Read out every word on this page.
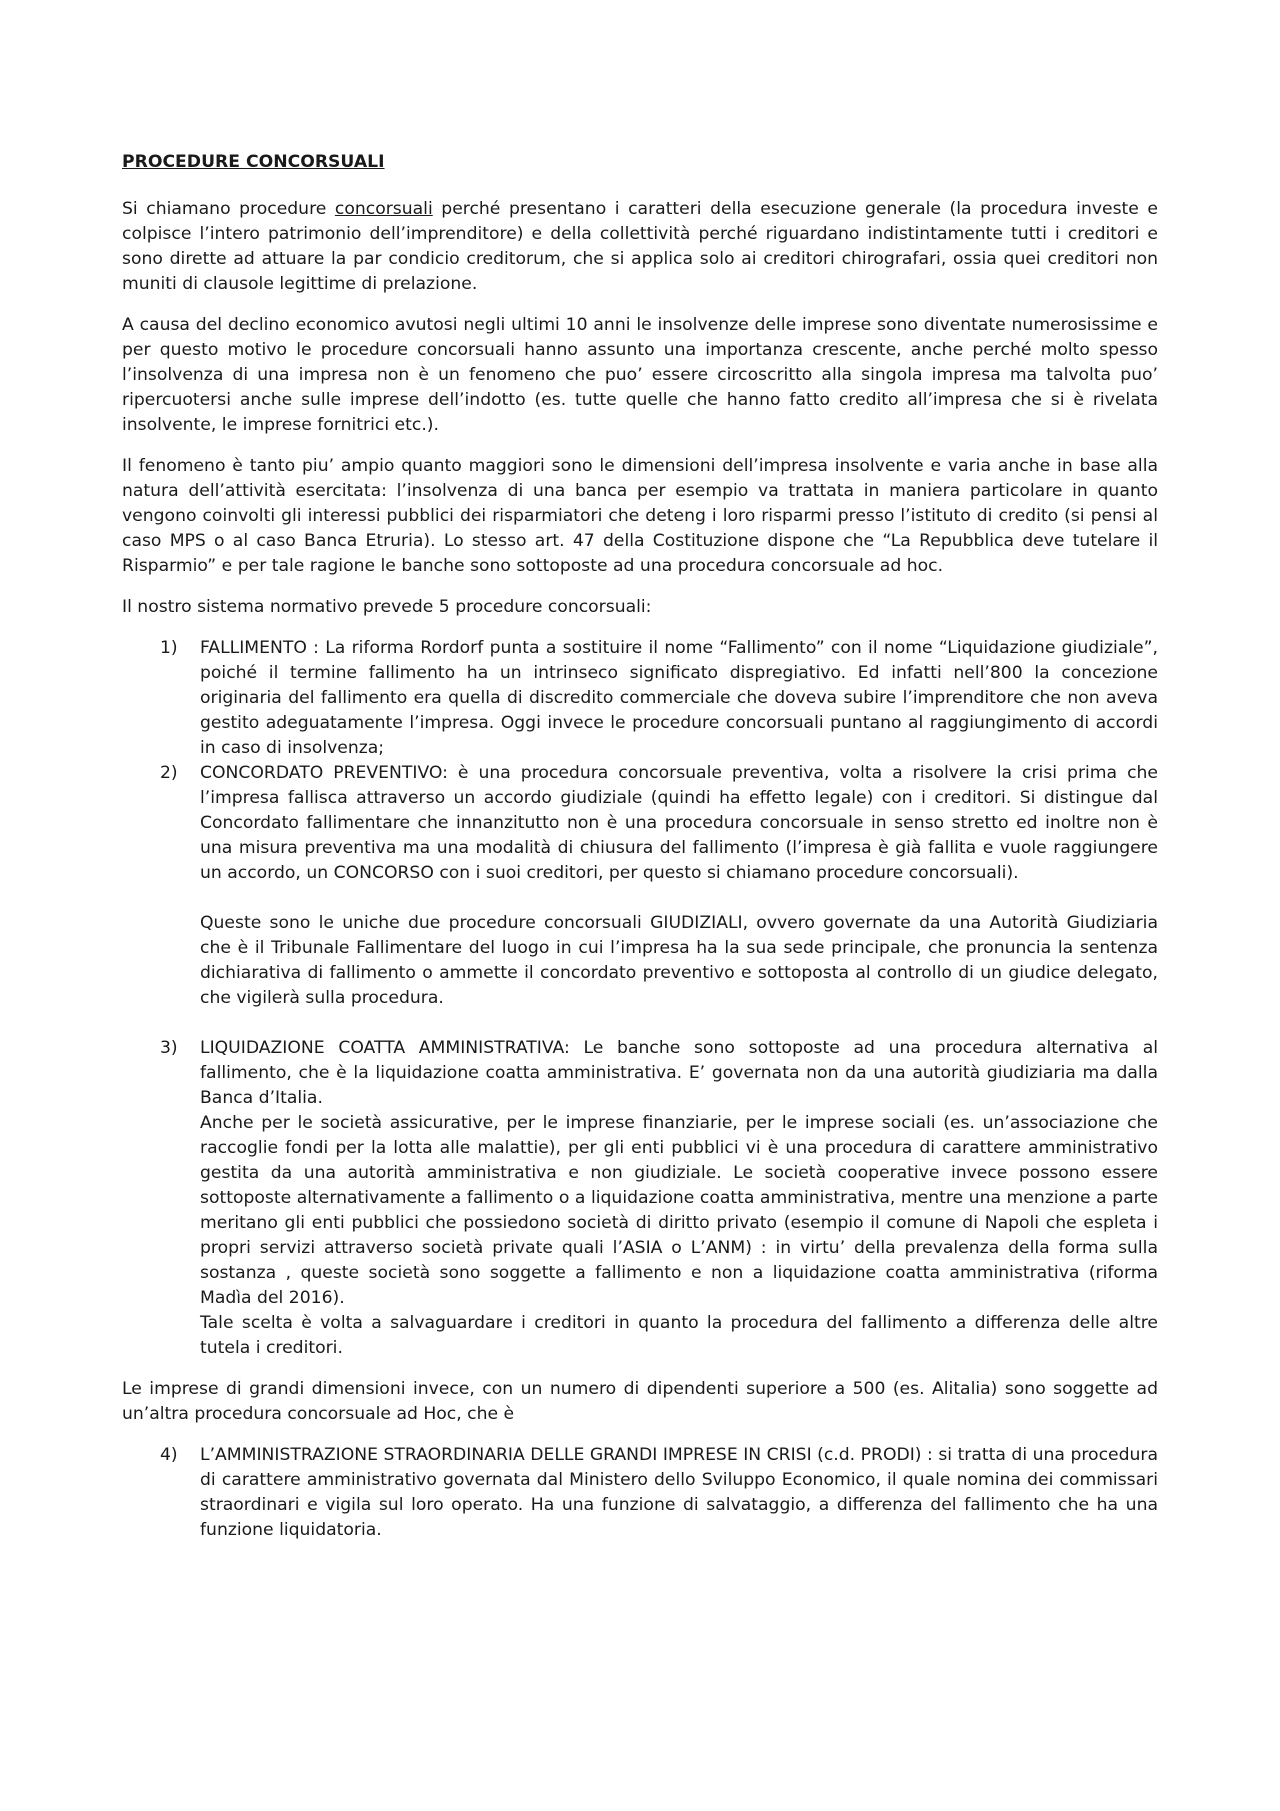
PROCEDURE CONCORSUALI

Si chiamano procedure concorsuali perché presentano i caratteri della esecuzione generale (la procedura investe e colpisce l’intero patrimonio dell’imprenditore) e della collettività perché riguardano indistintamente tutti i creditori e sono dirette ad attuare la par condicio creditorum, che si applica solo ai creditori chirografari, ossia quei creditori non muniti di clausole legittime di prelazione.

A causa del declino economico avutosi negli ultimi 10 anni le insolvenze delle imprese sono diventate numerosissime e per questo motivo le procedure concorsuali hanno assunto una importanza crescente, anche perché molto spesso l’insolvenza di una impresa non è un fenomeno che puo’ essere circoscritto alla singola impresa ma talvolta puo’ ripercuotersi anche sulle imprese dell’indotto (es. tutte quelle che hanno fatto credito all’impresa che si è rivelata insolvente, le imprese fornitrici etc.).

Il fenomeno è tanto piu’ ampio quanto maggiori sono le dimensioni dell’impresa insolvente e varia anche in base alla natura dell’attività esercitata: l’insolvenza di una banca per esempio va trattata in maniera particolare in quanto vengono coinvolti gli interessi pubblici dei risparmiatori che deteng i loro risparmi presso l’istituto di credito (si pensi al caso MPS o al caso Banca Etruria). Lo stesso art. 47 della Costituzione dispone che “La Repubblica deve tutelare il Risparmio” e per tale ragione le banche sono sottoposte ad una procedura concorsuale ad hoc.

Il nostro sistema normativo prevede 5 procedure concorsuali:

1) FALLIMENTO : La riforma Rordorf punta a sostituire il nome “Fallimento” con il nome “Liquidazione giudiziale”, poiché il termine fallimento ha un intrinseco significato dispregiativo. Ed infatti nell’800 la concezione originaria del fallimento era quella di discredito commerciale che doveva subire l’imprenditore che non aveva gestito adeguatamente l’impresa. Oggi invece le procedure concorsuali puntano al raggiungimento di accordi in caso di insolvenza;

2) CONCORDATO PREVENTIVO: è una procedura concorsuale preventiva, volta a risolvere la crisi prima che l’impresa fallisca attraverso un accordo giudiziale (quindi ha effetto legale) con i creditori. Si distingue dal Concordato fallimentare che innanzitutto non è una procedura concorsuale in senso stretto ed inoltre non è una misura preventiva ma una modalità di chiusura del fallimento (l’impresa è già fallita e vuole raggiungere un accordo, un CONCORSO con i suoi creditori, per questo si chiamano procedure concorsuali).

Queste sono le uniche due procedure concorsuali GIUDIZIALI, ovvero governate da una Autorità Giudiziaria che è il Tribunale Fallimentare del luogo in cui l’impresa ha la sua sede principale, che pronuncia la sentenza dichiarativa di fallimento o ammette il concordato preventivo e sottoposta al controllo di un giudice delegato, che vigilerà sulla procedura.

3) LIQUIDAZIONE COATTA AMMINISTRATIVA: Le banche sono sottoposte ad una procedura alternativa al fallimento, che è la liquidazione coatta amministrativa. E’ governata non da una autorità giudiziaria ma dalla Banca d’Italia.

Anche per le società assicurative, per le imprese finanziarie, per le imprese sociali (es. un’associazione che raccoglie fondi per la lotta alle malattie), per gli enti pubblici vi è una procedura di carattere amministrativo gestita da una autorità amministrativa e non giudiziale. Le società cooperative invece possono essere sottoposte alternativamente a fallimento o a liquidazione coatta amministrativa, mentre una menzione a parte meritano gli enti pubblici che possiedono società di diritto privato (esempio il comune di Napoli che espleta i propri servizi attraverso società private quali l’ASIA o L’ANM) : in virtu’ della prevalenza della forma sulla sostanza , queste società sono soggette a fallimento e non a liquidazione coatta amministrativa (riforma Madìa del 2016).

Tale scelta è volta a salvaguardare i creditori in quanto la procedura del fallimento a differenza delle altre tutela i creditori.

Le imprese di grandi dimensioni invece, con un numero di dipendenti superiore a 500 (es. Alitalia) sono soggette ad un’altra procedura concorsuale ad Hoc, che è

4) L’AMMINISTRAZIONE STRAORDINARIA DELLE GRANDI IMPRESE IN CRISI (c.d. PRODI) : si tratta di una procedura di carattere amministrativo governata dal Ministero dello Sviluppo Economico, il quale nomina dei commissari straordinari e vigila sul loro operato. Ha una funzione di salvataggio, a differenza del fallimento che ha una funzione liquidatoria.
